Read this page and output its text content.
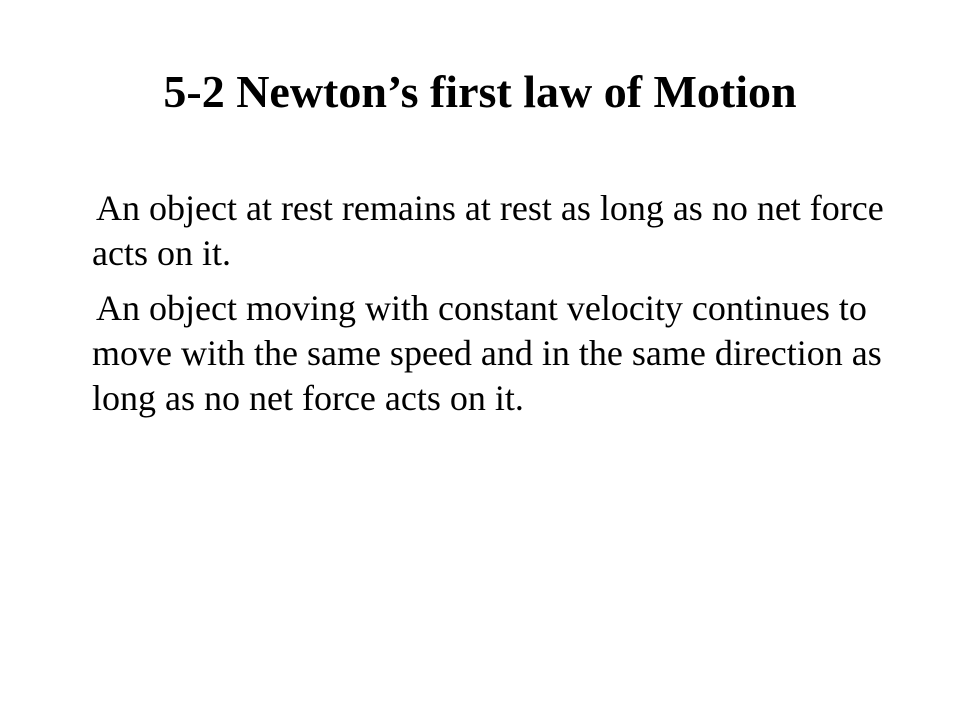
5-2 Newton’s first law of Motion

An object at rest remains at rest as long as no net force acts on it.

An object moving with constant velocity continues to move with the same speed and in the same direction as long as no net force acts on it.
